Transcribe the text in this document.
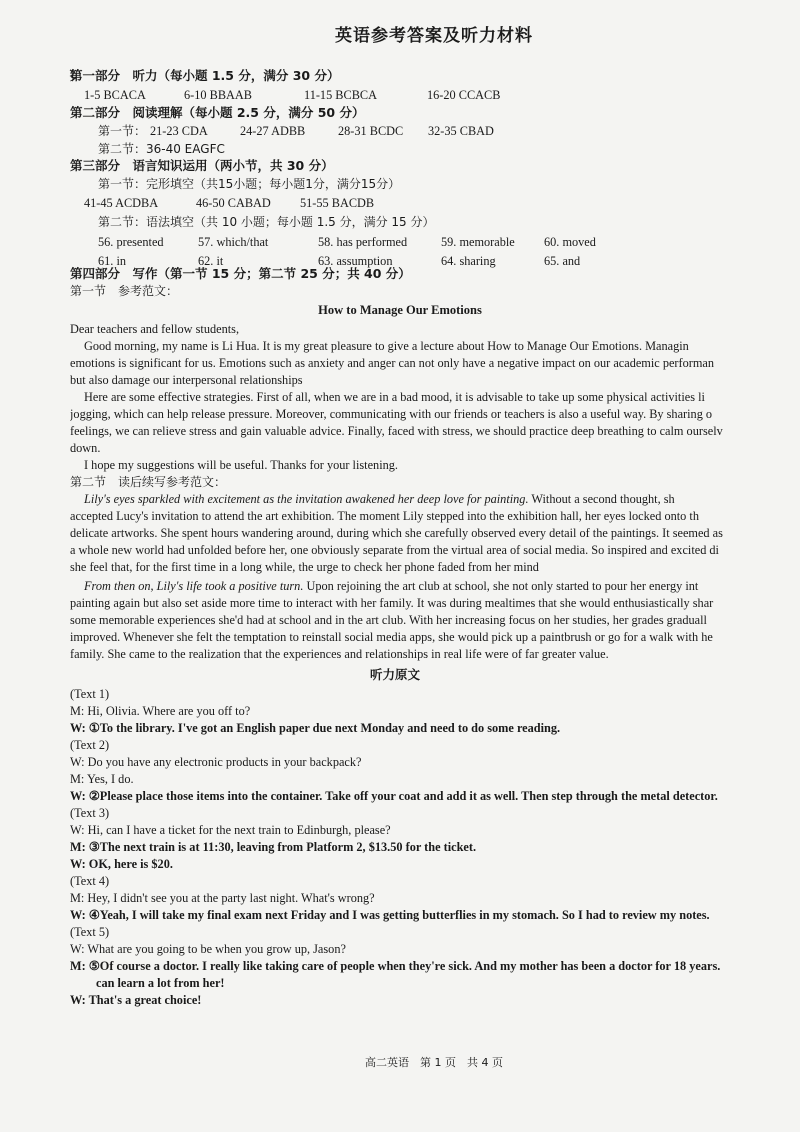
英语参考答案及听力材料
第一部分　听力（每小题 1.5 分，满分 30 分）
1-5 BCACA	6-10 BBAAB	11-15 BCBCA	16-20 CCACB
第二部分　阅读理解（每小题 2.5 分，满分 50 分）
第一节： 21-23 CDA	24-27 ADBB	28-31 BCDC	32-35 CBAD
第二节：36-40 EAGFC
第三部分　语言知识运用（两小节，共 30 分）
第一节：完形填空（共15小题；每小题1分，满分15分）
41-45 ACDBA	46-50 CABAD	51-55 BACDB
第二节：语法填空（共 10 小题；每小题 1.5 分，满分 15 分）
56. presented	57. which/that	58. has performed	59. memorable	60. moved
61. in	62. it	63. assumption	64. sharing	65. and
第四部分　写作（第一节 15 分；第二节 25 分；共 40 分）
第一节　参考范文：
How to Manage Our Emotions
Dear teachers and fellow students,
Good morning, my name is Li Hua. It is my great pleasure to give a lecture about How to Manage Our Emotions. Managin
emotions is significant for us. Emotions such as anxiety and anger can not only have a negative impact on our academic performan
but also damage our interpersonal relationships
Here are some effective strategies. First of all, when we are in a bad mood, it is advisable to take up some physical activities li
jogging, which can help release pressure. Moreover, communicating with our friends or teachers is also a useful way. By sharing o
feelings, we can relieve stress and gain valuable advice. Finally, faced with stress, we should practice deep breathing to calm ourselv
down.
I hope my suggestions will be useful. Thanks for your listening.
第二节　读后续写参考范文：
Lily's eyes sparkled with excitement as the invitation awakened her deep love for painting. Without a second thought, sh
accepted Lucy's invitation to attend the art exhibition. The moment Lily stepped into the exhibition hall, her eyes locked onto th
delicate artworks. She spent hours wandering around, during which she carefully observed every detail of the paintings. It seemed as
a whole new world had unfolded before her, one obviously separate from the virtual area of social media. So inspired and excited di
she feel that, for the first time in a long while, the urge to check her phone faded from her mind
From then on, Lily's life took a positive turn. Upon rejoining the art club at school, she not only started to pour her energy int
painting again but also set aside more time to interact with her family. It was during mealtimes that she would enthusiastically shar
some memorable experiences she'd had at school and in the art club. With her increasing focus on her studies, her grades graduall
improved. Whenever she felt the temptation to reinstall social media apps, she would pick up a paintbrush or go for a walk with he
family. She came to the realization that the experiences and relationships in real life were of far greater value.
听力原文
(Text 1)
M: Hi, Olivia. Where are you off to?
W: ①To the library. I've got an English paper due next Monday and need to do some reading.
(Text 2)
W: Do you have any electronic products in your backpack?
M: Yes, I do.
W: ②Please place those items into the container. Take off your coat and add it as well. Then step through the metal detector.
(Text 3)
W: Hi, can I have a ticket for the next train to Edinburgh, please?
M: ③The next train is at 11:30, leaving from Platform 2, $13.50 for the ticket.
W: OK, here is $20.
(Text 4)
M: Hey, I didn't see you at the party last night. What's wrong?
W: ④Yeah, I will take my final exam next Friday and I was getting butterflies in my stomach. So I had to review my notes.
(Text 5)
W: What are you going to be when you grow up, Jason?
M: ⑤Of course a doctor. I really like taking care of people when they're sick. And my mother has been a doctor for 18 years.
can learn a lot from her!
W: That's a great choice!
高二英语　第 1 页　共 4 页
